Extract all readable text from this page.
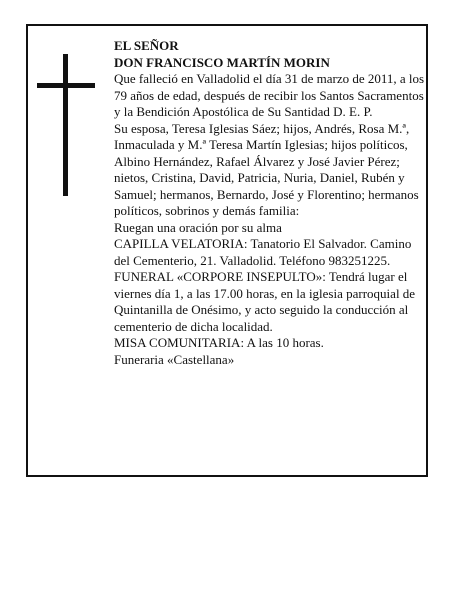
EL SEÑOR

DON FRANCISCO MARTÍN MORIN

Que falleció en Valladolid el día 31 de marzo de 2011, a los 79 años de edad, después de recibir los Santos Sacramentos y la Bendición Apostólica de Su Santidad D. E. P.

Su esposa, Teresa Iglesias Sáez; hijos, Andrés, Rosa M.ª, Inmaculada y M.ª Teresa Martín Iglesias; hijos políticos, Albino Hernández, Rafael Álvarez y José Javier Pérez; nietos, Cristina, David, Patricia, Nuria, Daniel, Rubén y Samuel; hermanos, Bernardo, José y Florentino; hermanos políticos, sobrinos y demás familia:

Ruegan una oración por su alma

CAPILLA VELATORIA: Tanatorio El Salvador. Camino del Cementerio, 21. Valladolid. Teléfono 983251225.

FUNERAL «CORPORE INSEPULTO»: Tendrá lugar el viernes día 1, a las 17.00 horas, en la iglesia parroquial de Quintanilla de Onésimo, y acto seguido la conducción al cementerio de dicha localidad.

MISA COMUNITARIA: A las 10 horas.

Funeraria «Castellana»
